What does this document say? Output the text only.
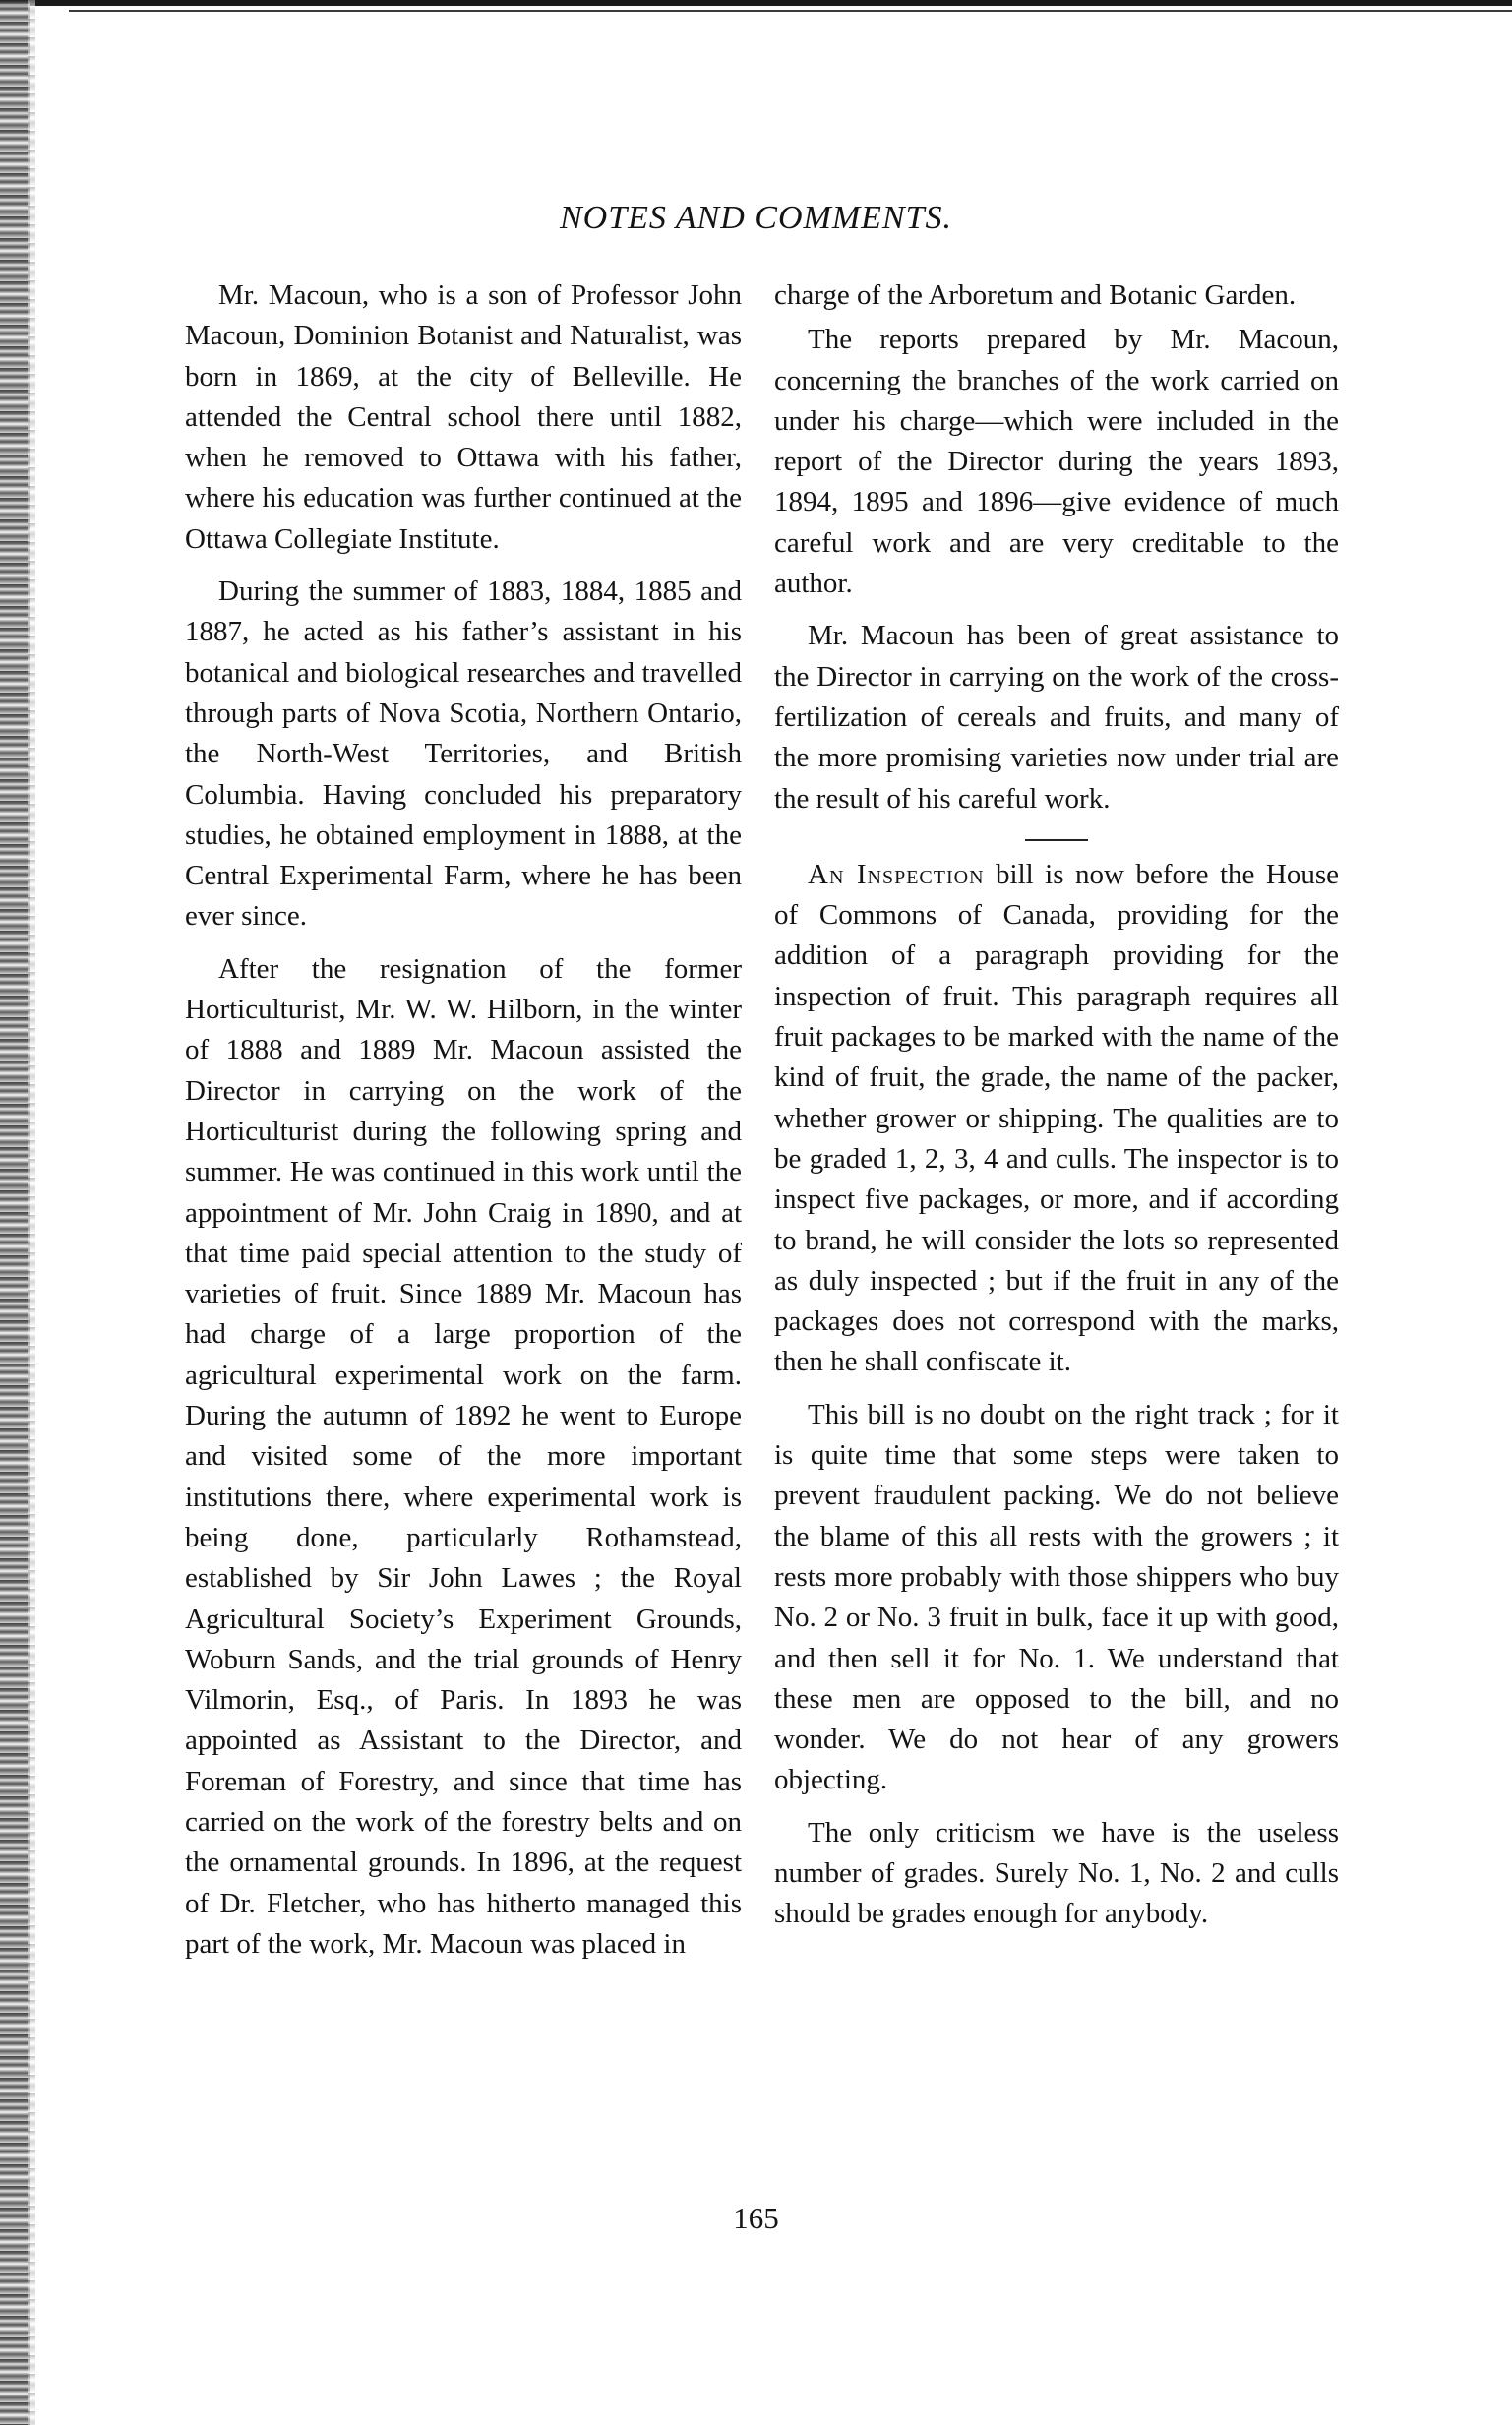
NOTES AND COMMENTS.

Mr. Macoun, who is a son of Professor John Macoun, Dominion Botanist and Naturalist, was born in 1869, at the city of Belleville. He attended the Central school there until 1882, when he removed to Ottawa with his father, where his education was further continued at the Ottawa Collegiate Institute.

During the summer of 1883, 1884, 1885 and 1887, he acted as his father’s assistant in his botanical and biological researches and travelled through parts of Nova Scotia, Northern Ontario, the North-West Territories, and British Columbia. Having concluded his preparatory studies, he obtained employment in 1888, at the Central Experimental Farm, where he has been ever since.

After the resignation of the former Horticulturist, Mr. W. W. Hilborn, in the winter of 1888 and 1889 Mr. Macoun assisted the Director in carrying on the work of the Horticulturist during the following spring and summer. He was continued in this work until the appointment of Mr. John Craig in 1890, and at that time paid special attention to the study of varieties of fruit. Since 1889 Mr. Macoun has had charge of a large proportion of the agricultural experimental work on the farm. During the autumn of 1892 he went to Europe and visited some of the more important institutions there, where experimental work is being done, particularly Rothamstead, established by Sir John Lawes ; the Royal Agricultural Society’s Experiment Grounds, Woburn Sands, and the trial grounds of Henry Vilmorin, Esq., of Paris. In 1893 he was appointed as Assistant to the Director, and Foreman of Forestry, and since that time has carried on the work of the forestry belts and on the ornamental grounds. In 1896, at the request of Dr. Fletcher, who has hitherto managed this part of the work, Mr. Macoun was placed in

charge of the Arboretum and Botanic Garden.

The reports prepared by Mr. Macoun, concerning the branches of the work carried on under his charge—which were included in the report of the Director during the years 1893, 1894, 1895 and 1896—give evidence of much careful work and are very creditable to the author.

Mr. Macoun has been of great assistance to the Director in carrying on the work of the cross-fertilization of cereals and fruits, and many of the more promising varieties now under trial are the result of his careful work.

An Inspection bill is now before the House of Commons of Canada, providing for the addition of a paragraph providing for the inspection of fruit. This paragraph requires all fruit packages to be marked with the name of the kind of fruit, the grade, the name of the packer, whether grower or shipping. The qualities are to be graded 1, 2, 3, 4 and culls. The inspector is to inspect five packages, or more, and if according to brand, he will consider the lots so represented as duly inspected ; but if the fruit in any of the packages does not correspond with the marks, then he shall confiscate it.

This bill is no doubt on the right track ; for it is quite time that some steps were taken to prevent fraudulent packing. We do not believe the blame of this all rests with the growers ; it rests more probably with those shippers who buy No. 2 or No. 3 fruit in bulk, face it up with good, and then sell it for No. 1. We understand that these men are opposed to the bill, and no wonder. We do not hear of any growers objecting.

The only criticism we have is the useless number of grades. Surely No. 1, No. 2 and culls should be grades enough for anybody.

165
